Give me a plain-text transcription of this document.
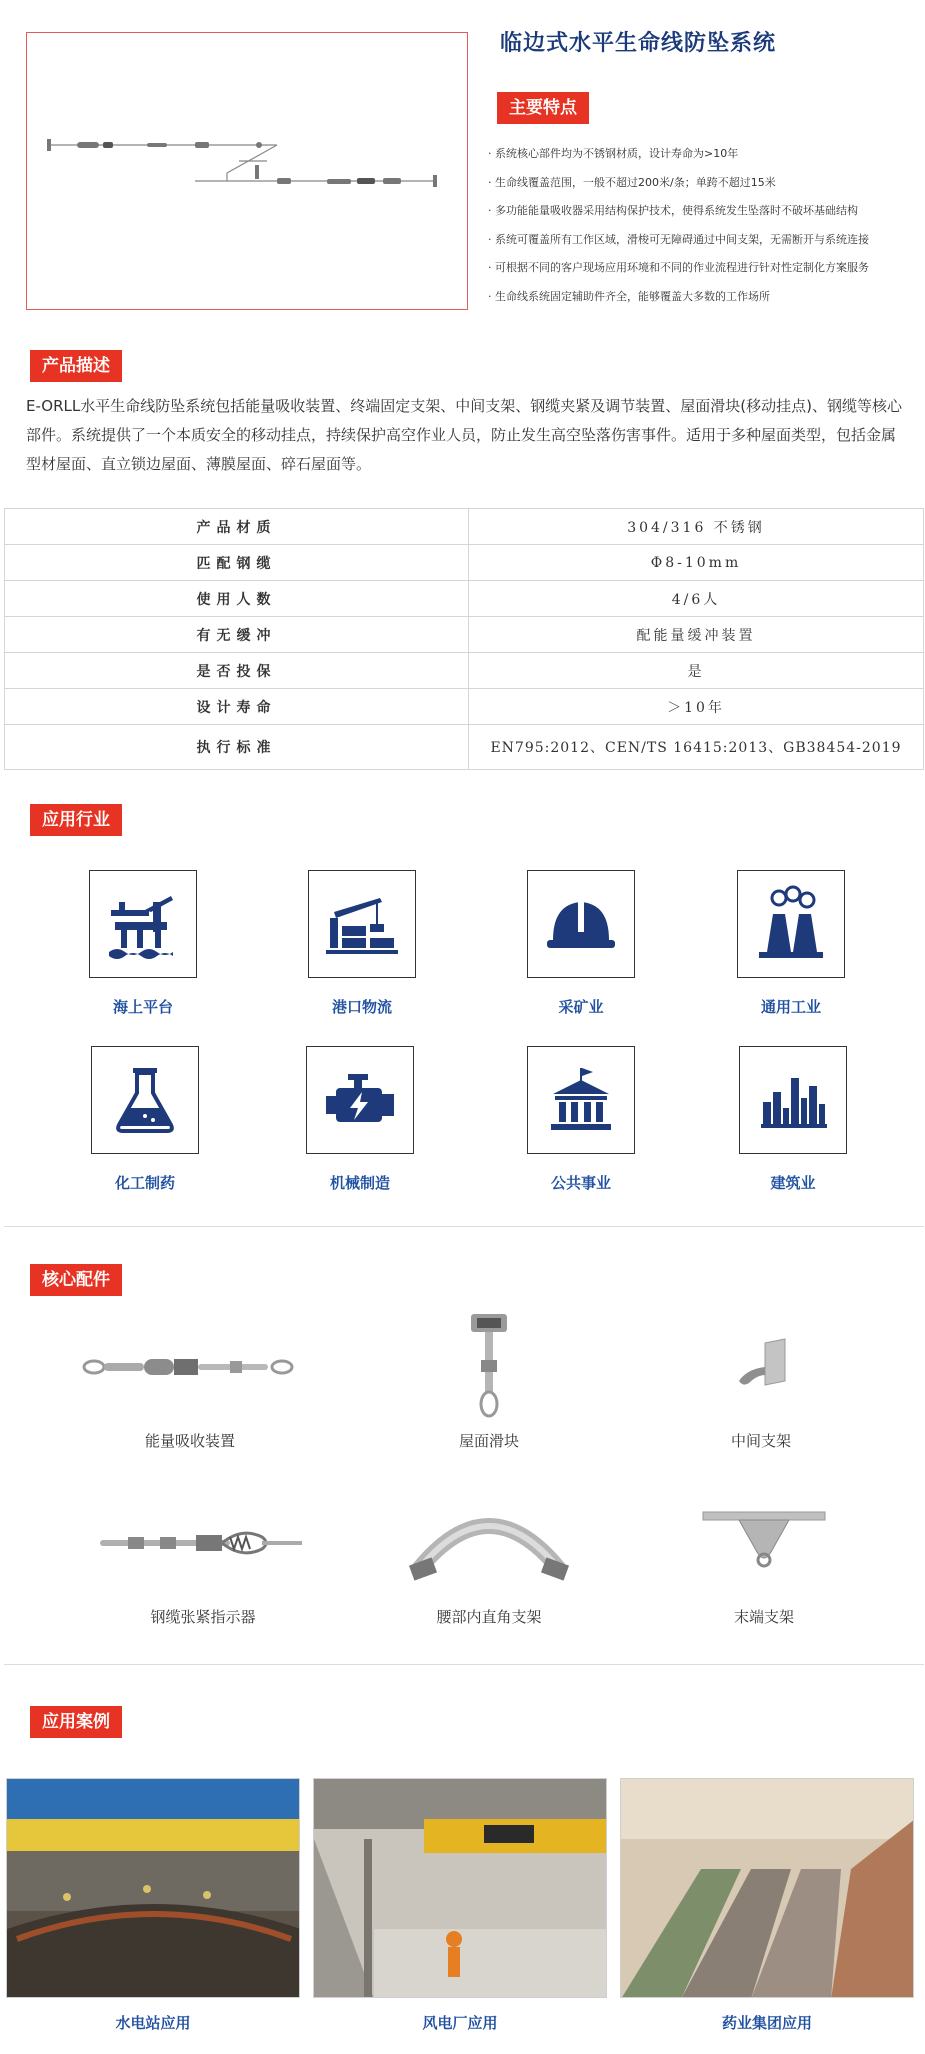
临边式水平生命线防坠系统
主要特点
· 系统核心部件均为不锈钢材质，设计寿命为>10年
· 生命线覆盖范围，一般不超过200米/条；单跨不超过15米
· 多功能能量吸收器采用结构保护技术，使得系统发生坠落时不破坏基础结构
· 系统可覆盖所有工作区域，滑梭可无障碍通过中间支架，无需断开与系统连接
· 可根据不同的客户现场应用环境和不同的作业流程进行针对性定制化方案服务
· 生命线系统固定辅助件齐全，能够覆盖大多数的工作场所
产品描述

E-ORLL水平生命线防坠系统包括能量吸收装置、终端固定支架、中间支架、钢缆夹紧及调节装置、屋面滑块(移动挂点)、钢缆等核心部件。系统提供了一个本质安全的移动挂点，持续保护高空作业人员，防止发生高空坠落伤害事件。适用于多种屋面类型，包括金属型材屋面、直立锁边屋面、薄膜屋面、碎石屋面等。

产品材质	304/316 不锈钢
匹配钢缆	Φ8-10mm
使用人数	4/6人
有无缓冲	配能量缓冲装置
是否投保	是
设计寿命	＞10年
执行标准	EN795:2012、CEN/TS 16415:2013、GB38454-2019
应用行业
海上平台	港口物流	采矿业	通用工业
化工制药	机械制造	公共事业	建筑业
核心配件
能量吸收装置	屋面滑块	中间支架
钢缆张紧指示器	腰部内直角支架	末端支架
应用案例
水电站应用	风电厂应用	药业集团应用
